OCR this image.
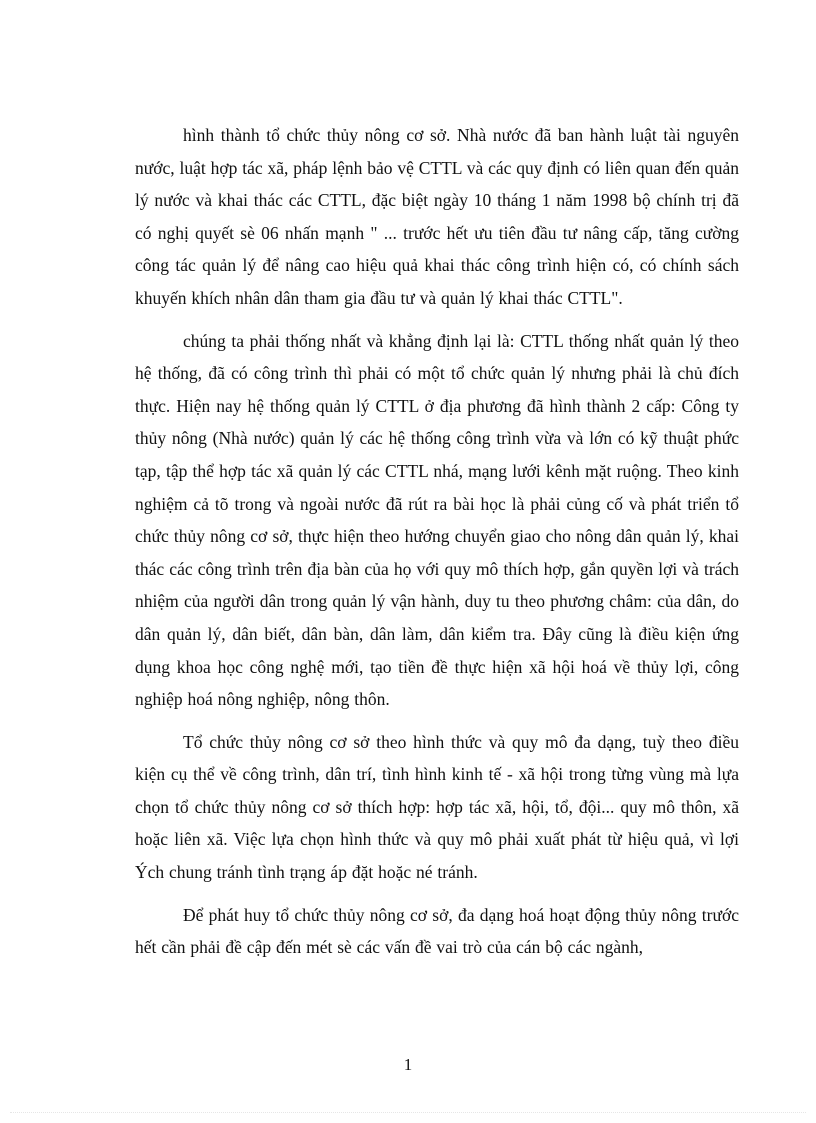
hình thành tổ chức thủy nông cơ sở. Nhà nước đã ban hành luật tài nguyên nước, luật hợp tác xã, pháp lệnh bảo vệ CTTL và các quy định có liên quan đến quản lý nước và khai thác các CTTL, đặc biệt ngày 10 tháng 1 năm 1998 bộ chính trị đã có nghị quyết sè 06 nhấn mạnh " ... trước hết ưu tiên đầu tư nâng cấp, tăng cường công tác quản lý để nâng cao hiệu quả khai thác công trình hiện có, có chính sách khuyến khích nhân dân tham gia đầu tư và quản lý khai thác CTTL".

chúng ta phải thống nhất và khẳng định lại là: CTTL thống nhất quản lý theo hệ thống, đã có công trình thì phải có một tổ chức quản lý nhưng phải là chủ đích thực. Hiện nay hệ thống quản lý CTTL ở địa phương đã hình thành 2 cấp: Công ty thủy nông (Nhà nước) quản lý các hệ thống công trình vừa và lớn có kỹ thuật phức tạp, tập thể hợp tác xã quản lý các CTTL nhá, mạng lưới kênh mặt ruộng. Theo kinh nghiệm cả tõ trong và ngoài nước đã rút ra bài học là phải củng cố và phát triển tổ chức thủy nông cơ sở, thực hiện theo hướng chuyển giao cho nông dân quản lý, khai thác các công trình trên địa bàn của họ với quy mô thích hợp, gắn quyền lợi và trách nhiệm của người dân trong quản lý vận hành, duy tu theo phương châm: của dân, do dân quản lý, dân biết, dân bàn, dân làm, dân kiểm tra. Đây cũng là điều kiện ứng dụng khoa học công nghệ mới, tạo tiền đề thực hiện xã hội hoá về thủy lợi, công nghiệp hoá nông nghiệp, nông thôn.

Tổ chức thủy nông cơ sở theo hình thức và quy mô đa dạng, tuỳ theo điều kiện cụ thể về công trình, dân trí, tình hình kinh tế - xã hội trong từng vùng mà lựa chọn tổ chức thủy nông cơ sở thích hợp: hợp tác xã, hội, tổ, đội... quy mô thôn, xã hoặc liên xã. Việc lựa chọn hình thức và quy mô phải xuất phát từ hiệu quả, vì lợi Ých chung tránh tình trạng áp đặt hoặc né tránh.

Để phát huy tổ chức thủy nông cơ sở, đa dạng hoá hoạt động thủy nông trước hết cần phải đề cập đến mét sè các vấn đề vai trò của cán bộ các ngành,

1
